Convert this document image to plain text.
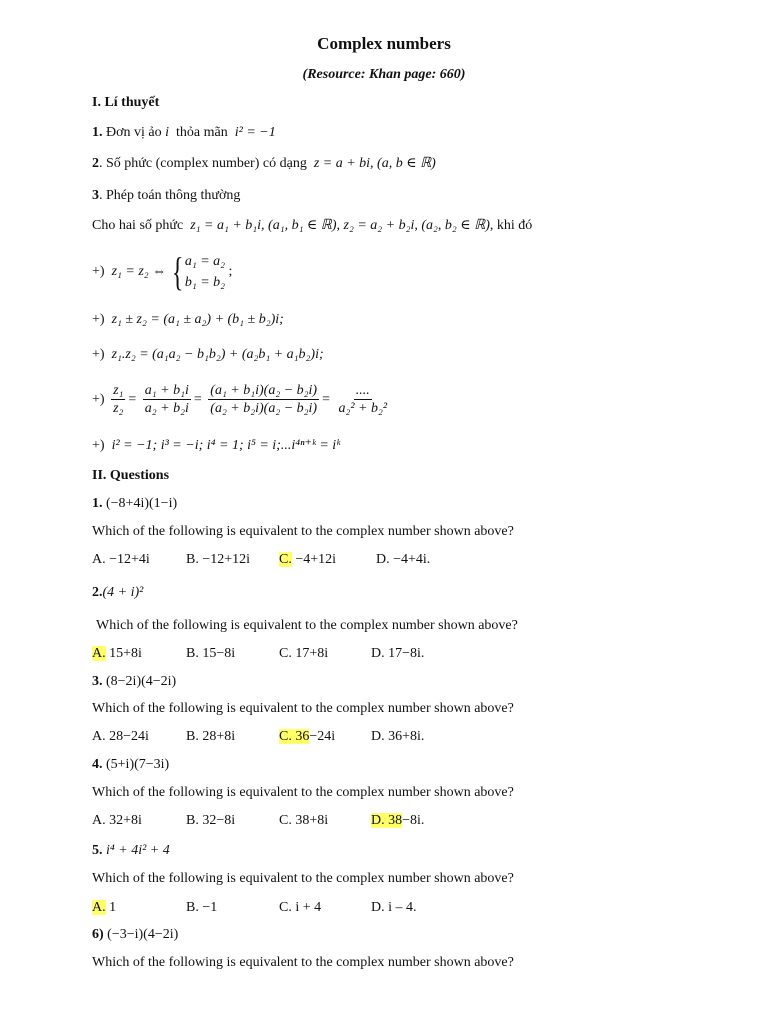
Complex numbers
(Resource: Khan page: 660)
I. Lí thuyết
1. Đơn vị ảo i thỏa mãn i² = −1
2. Số phức (complex number) có dạng z = a + bi, (a, b ∈ ℝ)
3. Phép toán thông thường
Cho hai số phức z₁ = a₁ + b₁i, (a₁, b₁ ∈ ℝ), z₂ = a₂ + b₂i, (a₂, b₂ ∈ ℝ), khi đó
+) z₁ = z₂ ⇔ { a₁ = a₂
b₁ = b₂
;
+) z₁ ± z₂ = (a₁ ± a₂) + (b₁ ± b₂)i;
+) z₁.z₂ = (a₁a₂ − b₁b₂) + (a₂b₁ + a₁b₂)i;
+) $\frac{\text{z₁}}{\text{z₂}} = \frac{\text{a₁ + b₁i}}{\text{a₂ + b₂i}} = \frac{\text{(a₁ + b₁i)(a₂ − b₂i)}}{\text{(a₂ + b₂i)(a₂ − b₂i)}} = \frac{....}{\text{a₂² + b₂²}}$
+) i² = −1; i³ = −i; i⁴ = 1; i⁵ = i;...i⁴ⁿ⁺ᵏ = iᵏ
II. Questions
1. (−8+4i)(1−i)
Which of the following is equivalent to the complex number shown above?
A. −12+4i	B. −12+12i C. −4+12i	D. −4+4i.
2.(4 + i)²
Which of the following is equivalent to the complex number shown above?
A. 15+8i	B. 15−8i	C. 17+8i	D. 17−8i.
3. (8−2i)(4−2i)
Which of the following is equivalent to the complex number shown above?
A. 28−24i	B. 28+8i	C. 36−24i	D. 36+8i.
4. (5+i)(7−3i)
Which of the following is equivalent to the complex number shown above?
A. 32+8i	B. 32−8i	C. 38+8i	D. 38−8i.
5. i⁴ + 4i² + 4
Which of the following is equivalent to the complex number shown above?
A. 1	B. −1	C. i + 4	D. i – 4.
6) (−3−i)(4−2i)
Which of the following is equivalent to the complex number shown above?
